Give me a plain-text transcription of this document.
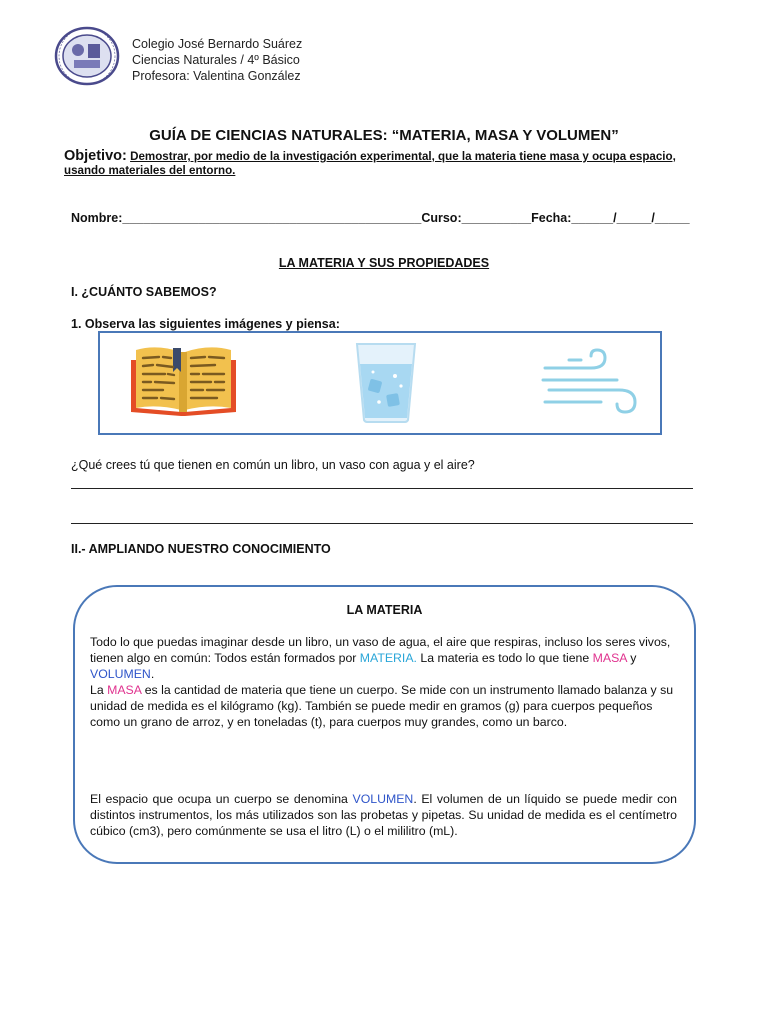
Colegio José Bernardo Suárez
Ciencias Naturales / 4º Básico
Profesora: Valentina González
GUÍA DE CIENCIAS NATURALES: “MATERIA, MASA Y VOLUMEN”
Objetivo: Demostrar, por medio de la investigación experimental, que la materia tiene masa y ocupa espacio, usando materiales del entorno.
Nombre:___________________________________________Curso:__________Fecha:______/_____/_____
LA MATERIA Y SUS PROPIEDADES
I. ¿CUÁNTO SABEMOS?
1. Observa las siguientes imágenes y piensa:
¿Qué crees tú que tienen en común un libro, un vaso con agua y el aire?
II.- AMPLIANDO NUESTRO CONOCIMIENTO
LA MATERIA
Todo lo que puedas imaginar desde un libro, un vaso de agua, el aire que respiras, incluso los seres vivos, tienen algo en común: Todos están formados por MATERIA. La materia es todo lo que tiene MASA y VOLUMEN.
La MASA es la cantidad de materia que tiene un cuerpo. Se mide con un instrumento llamado balanza y su unidad de medida es el kilógramo (kg). También se puede medir en gramos (g) para cuerpos pequeños como un grano de arroz, y en toneladas (t), para cuerpos muy grandes, como un barco.
El espacio que ocupa un cuerpo se denomina VOLUMEN. El volumen de un líquido se puede medir con distintos instrumentos, los más utilizados son las probetas y pipetas. Su unidad de medida es el centímetro cúbico (cm3), pero comúnmente se usa el litro (L) o el mililitro (mL).
